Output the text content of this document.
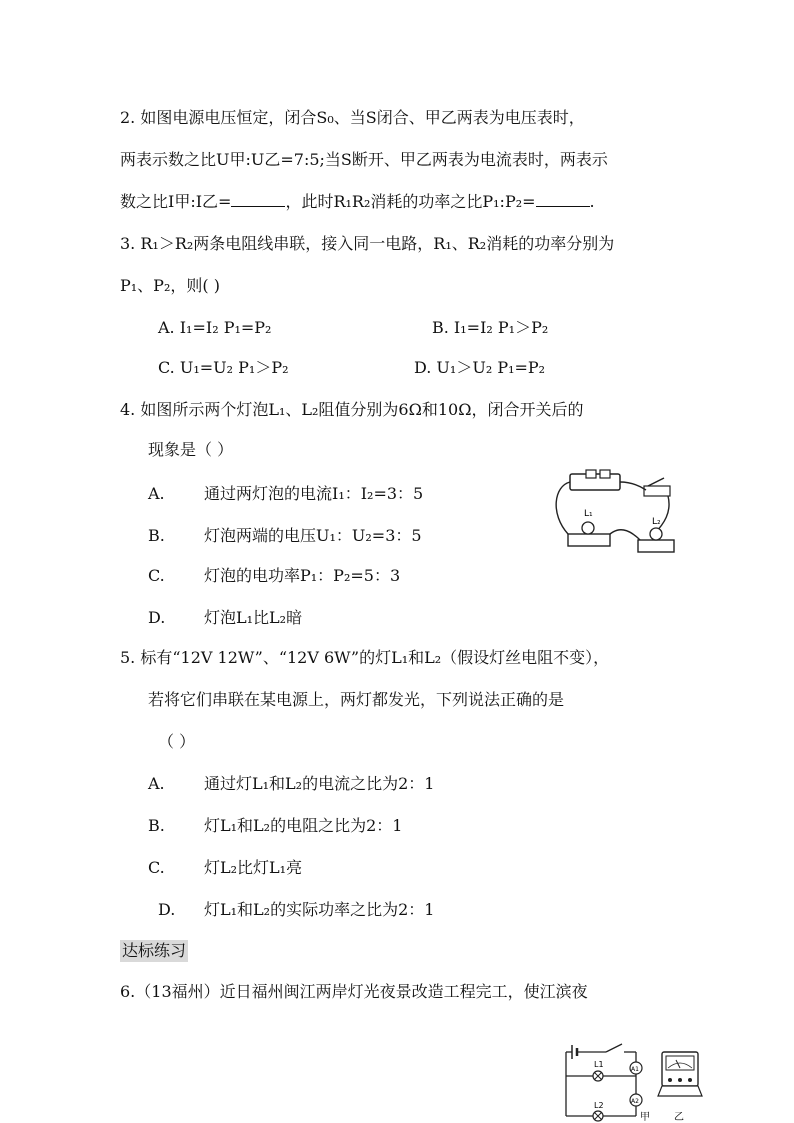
2. 如图电源电压恒定，闭合S₀、当S闭合、甲乙两表为电压表时，
两表示数之比U甲:U乙=7:5;当S断开、甲乙两表为电流表时，两表示
数之比I甲:I乙=	，此时R₁R₂消耗的功率之比P₁:P₂=	.
3. R₁＞R₂两条电阻线串联，接入同一电路，R₁、R₂消耗的功率分别为
P₁、P₂，则( )
A. I₁=I₂ P₁=P₂	B. I₁=I₂ P₁＞P₂
C. U₁=U₂ P₁＞P₂	D. U₁＞U₂ P₁=P₂
4. 如图所示两个灯泡L₁、L₂阻值分别为6Ω和10Ω，闭合开关后的
现象是（ ）
A. 通过两灯泡的电流I₁：I₂=3：5
B. 灯泡两端的电压U₁：U₂=3：5
C. 灯泡的电功率P₁：P₂=5：3
D. 灯泡L₁比L₂暗
L₁
L₂
5. 标有“12V 12W”、“12V 6W”的灯L₁和L₂（假设灯丝电阻不变），
若将它们串联在某电源上，两灯都发光，下列说法正确的是
（ ）
A. 通过灯L₁和L₂的电流之比为2：1
B. 灯L₁和L₂的电阻之比为2：1
C. 灯L₂比灯L₁亮
D. 灯L₁和L₂的实际功率之比为2：1
达标练习
6.（13福州）近日福州闽江两岸灯光夜景改造工程完工，使江滨夜
L1
L2
A1
A2
甲 乙
